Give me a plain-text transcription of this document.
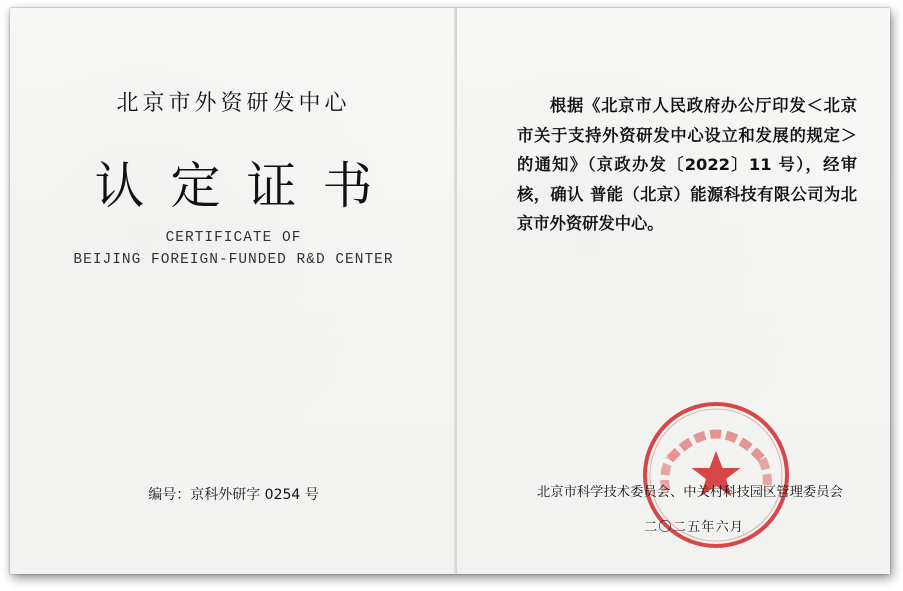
北京市外资研发中心
认定证书
CERTIFICATE OF
BEIJING FOREIGN-FUNDED R&D CENTER
编号：京科外研字 0254 号
根据《北京市人民政府办公厅印发＜北京市关于支持外资研发中心设立和发展的规定＞的通知》（京政办发〔2022〕11 号），经审核，确认 普能（北京）能源科技有限公司为北京市外资研发中心。
北京市科学技术委员会、中关村科技园区管理委员会
二〇二五年六月
